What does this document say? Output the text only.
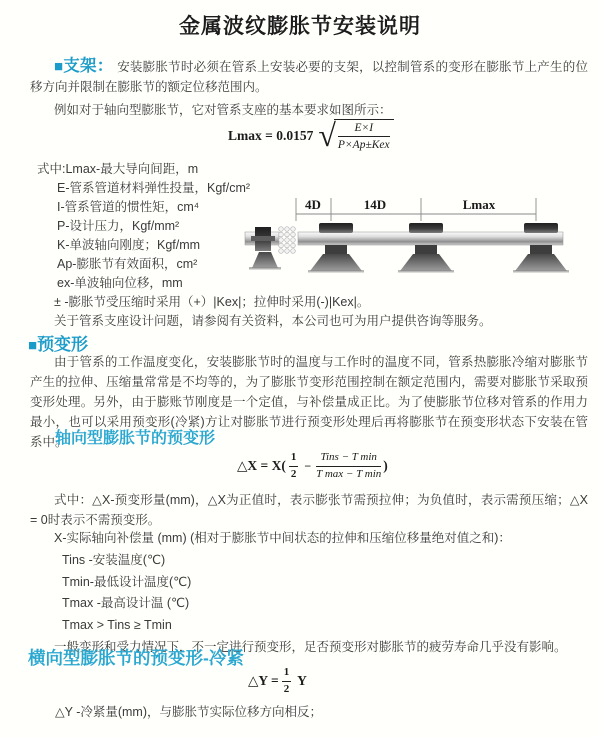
金属波纹膨胀节安装说明

■支架： 安装膨胀节时必须在管系上安装必要的支架，以控制管系的变形在膨胀节上产生的位移方向并限制在膨胀节的额定位移范围内。

例如对于轴向型膨胀节，它对管系支座的基本要求如图所示：

Lmax = 0.0157 √
$\frac{E\times I}{\text{P×Ap±Kex}}$
式中:Lmax-最大导向间距，m
E-管系管道材料弹性投量，Kgf/cm²
I-管系管道的惯性矩，cm⁴
P-设计压力，Kgf/mm²
K-单波轴向刚度；Kgf/mm
Ap-膨胀节有效面积，cm²
ex-单波轴向位移，mm
± -膨胀节受压缩时采用（+）|Kex|；拉伸时采用(-)|Kex|。
关于管系支座设计问题，请参阅有关资料，本公司也可为用户提供咨询等服务。
4D	14D	Lmax
■预变形

由于管系的工作温度变化，安装膨胀节时的温度与工作时的温度不同，管系热膨胀冷缩对膨胀节产生的拉伸、压缩量常常是不均等的，为了膨胀节变形范围控制在额定范围内，需要对膨胀节采取预变形处理。另外，由于膨账节刚度是一个定值，与补偿量成正比。为了使膨胀节位移对管系的作用力最小，也可以采用预变形(冷紧)方让对膨胀节进行预变形处理后再将膨胀节在预变形状态下安装在管系中。

轴向型膨胀节的预变形
△X = $X( \frac{1}{2} - \frac{\text{Tins − T min}}{\text{T max − T min}}$ )

式中：△X-预变形量(mm)，△X为正值时，表示膨张节需预拉伸；为负值时，表示需预压缩；△X = 0时表示不需预变形。

X-实际轴向补偿量 (mm) (相对于膨胀节中间状态的拉伸和压缩位移量绝对值之和)：
Tins -安装温度(℃)
Tmin-最低设计温度(℃)
Tmax -最高设计温 (℃)
Tmax > Tins ≥ Tmin
一般变形和受力情况下，不一定进行预变形，足否预变形对膨胀节的疲劳寿命几乎没有影响。
横向型膨胀节的预变形-冷紧
△Y = $\frac{1}{2}$ Y

△Y -冷紧量(mm)，与膨胀节实际位移方向相反；
